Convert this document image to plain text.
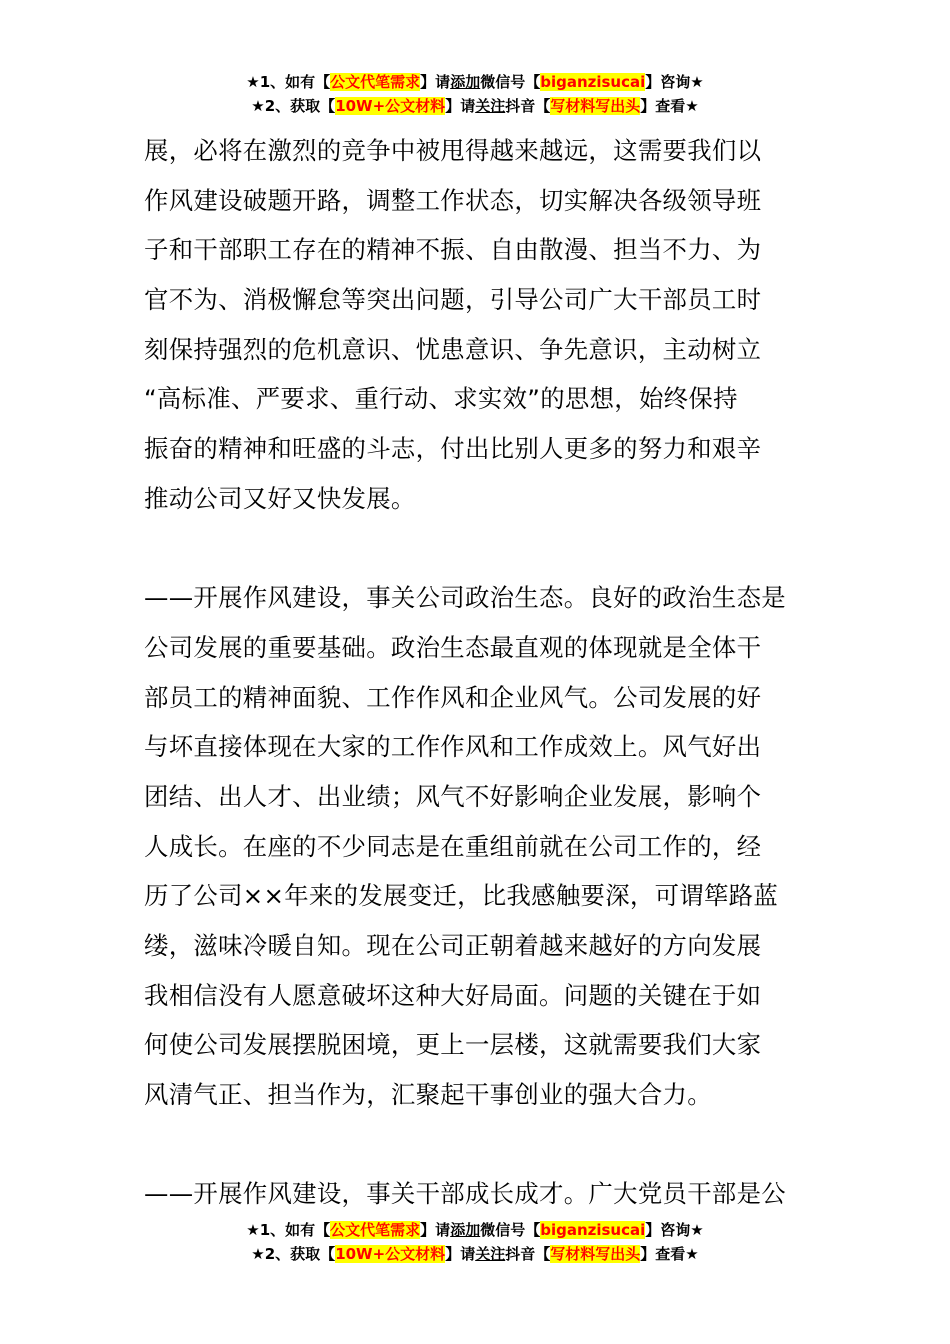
★1、如有【公文代笔需求】请添加微信号【biganzisucai】咨询★
★2、获取【10W+公文材料】请关注抖音【写材料写出头】查看★
展，必将在激烈的竞争中被甩得越来越远，这需要我们以
作风建设破题开路，调整工作状态，切实解决各级领导班
子和干部职工存在的精神不振、自由散漫、担当不力、为
官不为、消极懈怠等突出问题，引导公司广大干部员工时
刻保持强烈的危机意识、忧患意识、争先意识，主动树立
“高标准、严要求、重行动、求实效”的思想，始终保持
振奋的精神和旺盛的斗志，付出比别人更多的努力和艰辛
推动公司又好又快发展。
——开展作风建设，事关公司政治生态。良好的政治生态是
公司发展的重要基础。政治生态最直观的体现就是全体干
部员工的精神面貌、工作作风和企业风气。公司发展的好
与坏直接体现在大家的工作作风和工作成效上。风气好出
团结、出人才、出业绩；风气不好影响企业发展，影响个
人成长。在座的不少同志是在重组前就在公司工作的，经
历了公司××年来的发展变迁，比我感触要深，可谓筚路蓝
缕，滋味冷暖自知。现在公司正朝着越来越好的方向发展
我相信没有人愿意破坏这种大好局面。问题的关键在于如
何使公司发展摆脱困境，更上一层楼，这就需要我们大家
风清气正、担当作为，汇聚起干事创业的强大合力。
——开展作风建设，事关干部成长成才。广大党员干部是公
★1、如有【公文代笔需求】请添加微信号【biganzisucai】咨询★
★2、获取【10W+公文材料】请关注抖音【写材料写出头】查看★
